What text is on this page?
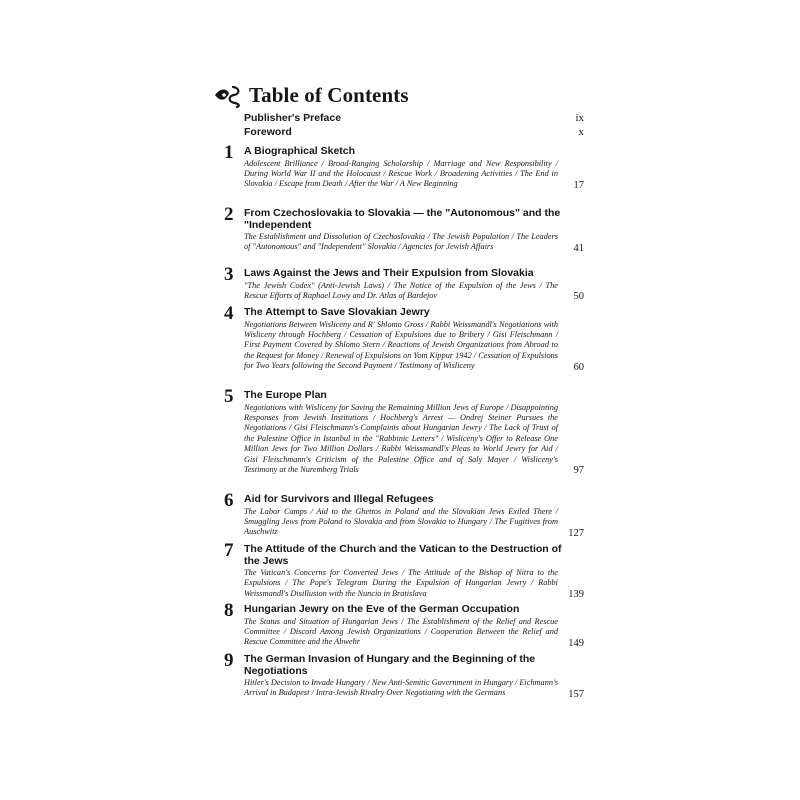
Table of Contents
Publisher's Preface	ix
Foreword	x
1 A Biographical Sketch
Adolescent Brilliance / Broad-Ranging Scholarship / Marriage and New Responsibility / During World War II and the Holocaust / Rescue Work / Broadening Activities / The End in Slovakia / Escape from Death / After the War / A New Beginning	17
2 From Czechoslovakia to Slovakia — the "Autonomous" and the "Independent
The Establishment and Dissolution of Czechoslovakia / The Jewish Population / The Leaders of "Autonomous" and "Independent" Slovakia / Agencies for Jewish Affairs	41
3 Laws Against the Jews and Their Expulsion from Slovakia
"The Jewish Codex" (Anti-Jewish Laws) / The Notice of the Expulsion of the Jews / The Rescue Efforts of Raphael Lowy and Dr. Atlas of Bardejov	50
4 The Attempt to Save Slovakian Jewry
Negotiations Between Wisliceny and R' Shlomo Gross / Rabbi Weissmandl's Negotiations with Wisliceny through Hochberg / Cessation of Expulsions due to Bribery / Gisi Fleischmann / First Payment Covered by Shlomo Stern / Reactions of Jewish Organizations from Abroad to the Request for Money / Renewal of Expulsions on Yom Kippur 1942 / Cessation of Expulsions for Two Years following the Second Payment / Testimony of Wisliceny	60
5 The Europe Plan
Negotiations with Wisliceny for Saving the Remaining Million Jews of Europe / Disappointing Responses from Jewish Institutions / Hochberg's Arrest — Ondrej Steiner Pursues the Negotiations / Gisi Fleischmann's Complaints about Hungarian Jewry / The Lack of Trust of the Palestine Office in Istanbul in the "Rabbinic Letters" / Wisliceny's Offer to Release One Million Jews for Two Million Dollars / Rabbi Weissmandl's Pleas to World Jewry for Aid / Gisi Fleischmann's Criticism of the Palestine Office and of Saly Mayer / Wisliceny's Testimony at the Nuremberg Trials	97
6 Aid for Survivors and Illegal Refugees
The Labor Camps / Aid to the Ghettos in Poland and the Slovakian Jews Exiled There / Smuggling Jews from Poland to Slovakia and from Slovakia to Hungary / The Fugitives from Auschwitz	127
7 The Attitude of the Church and the Vatican to the Destruction of the Jews
The Vatican's Concerns for Converted Jews / The Attitude of the Bishop of Nitra to the Expulsions / The Pope's Telegram During the Expulsion of Hungarian Jewry / Rabbi Weissmandl's Disillusion with the Nuncio in Bratislava	139
8 Hungarian Jewry on the Eve of the German Occupation
The Status and Situation of Hungarian Jews / The Establishment of the Relief and Rescue Committee / Discord Among Jewish Organizations / Cooperation Between the Relief and Rescue Committee and the Abwehr	149
9 The German Invasion of Hungary and the Beginning of the Negotiations
Hitler's Decision to Invade Hungary / New Anti-Semitic Government in Hungary / Eichmann's Arrival in Budapest / Intra-Jewish Rivalry Over Negotiating with the Germans	157
